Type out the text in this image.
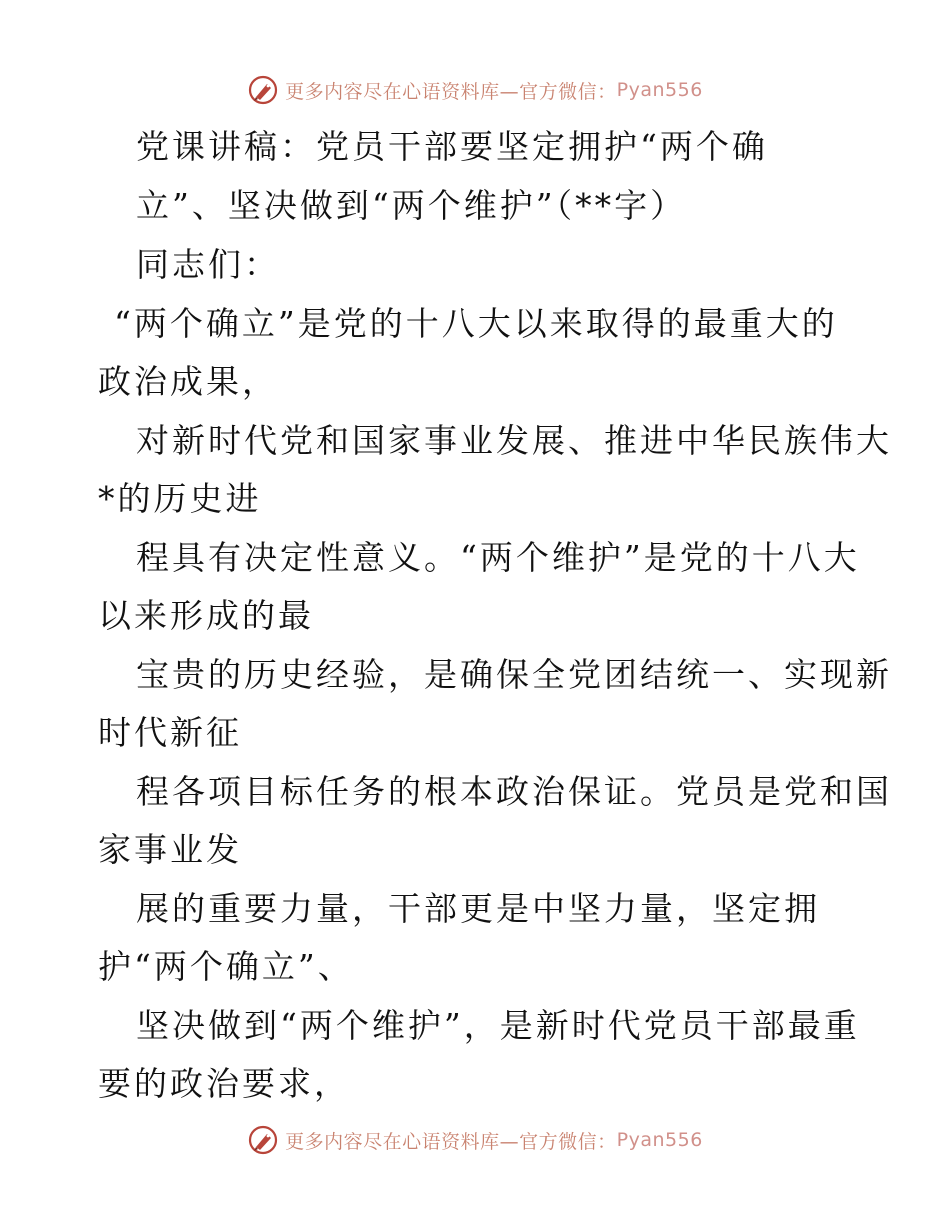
更多内容尽在心语资料库—官方微信： Pyan556
党课讲稿：党员干部要坚定拥护“两个确
立”、坚决做到“两个维护”（**字）
同志们：
“两个确立”是党的十八大以来取得的最重大的
政治成果，
对新时代党和国家事业发展、推进中华民族伟大
*的历史进
程具有决定性意义。“两个维护”是党的十八大
以来形成的最
宝贵的历史经验，是确保全党团结统一、实现新
时代新征
程各项目标任务的根本政治保证。党员是党和国
家事业发
展的重要力量，干部更是中坚力量，坚定拥
护“两个确立”、
坚决做到“两个维护”，是新时代党员干部最重
要的政治要求，
更多内容尽在心语资料库—官方微信： Pyan556
